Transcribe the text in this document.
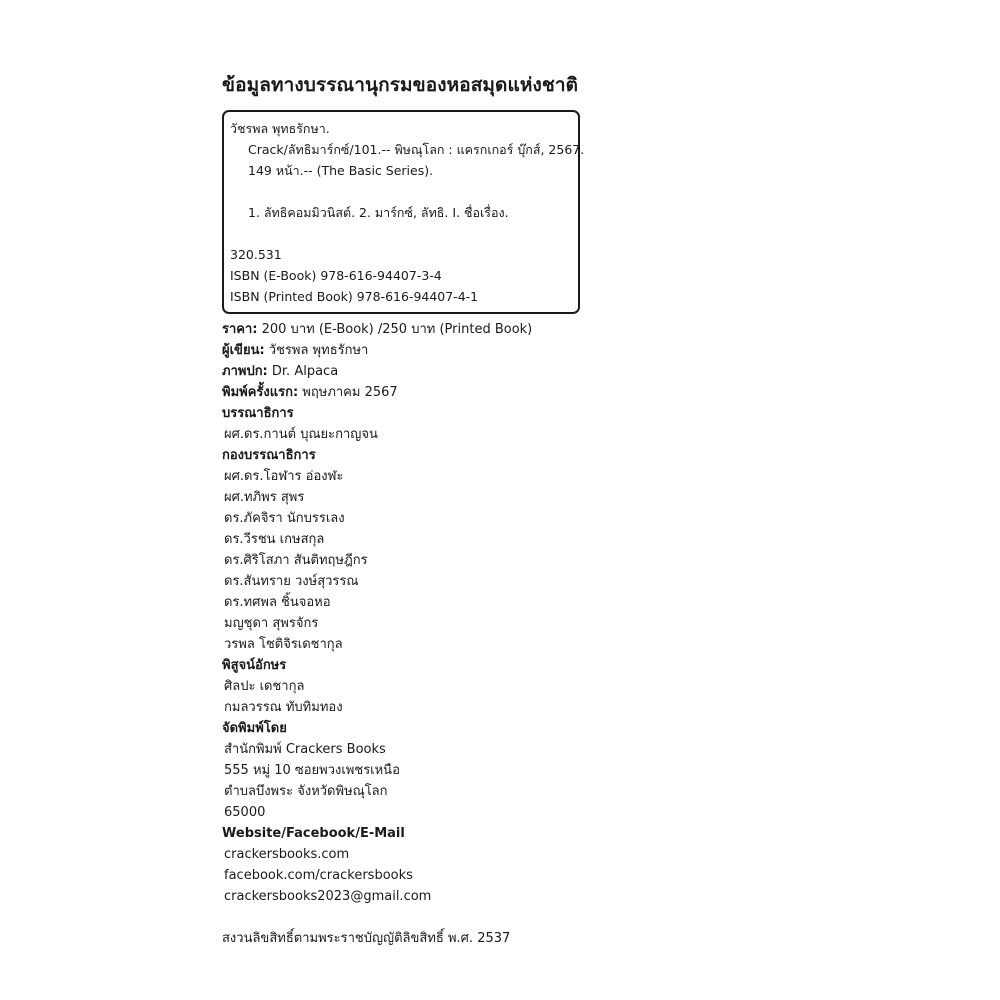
ข้อมูลทางบรรณานุกรมของหอสมุดแห่งชาติ
วัชรพล พุทธรักษา.
Crack/ลัทธิมาร์กซ์/101.-- พิษณุโลก : แครกเกอร์ บุ๊กส์, 2567.
149 หน้า.-- (The Basic Series).
1. ลัทธิคอมมิวนิสต์. 2. มาร์กซ์, ลัทธิ. I. ชื่อเรื่อง.
320.531
ISBN (E-Book) 978-616-94407-3-4
ISBN (Printed Book) 978-616-94407-4-1
ราคา: 200 บาท (E-Book) /250 บาท (Printed Book)
ผู้เขียน: วัชรพล พุทธรักษา
ภาพปก: Dr. Alpaca
พิมพ์ครั้งแรก: พฤษภาคม 2567
บรรณาธิการ
ผศ.ดร.กานต์ บุณยะกาญจน
กองบรรณาธิการ
ผศ.ดร.โอฬาร อ่องฬะ
ผศ.ทภิพร สุพร
ดร.ภัคจิรา นักบรรเลง
ดร.วีรชน เกษสกุล
ดร.ศิริโสภา สันติทฤษฎีกร
ดร.สันทราย วงษ์สุวรรณ
ดร.ทศพล ชิ้นจอหอ
มญชุดา สุพรจักร
วรพล โชติจิรเดชากุล
พิสูจน์อักษร
ศิลปะ เดชากุล
กมลวรรณ ทับทิมทอง
จัดพิมพ์โดย
สำนักพิมพ์ Crackers Books
555 หมู่ 10 ซอยพวงเพชรเหนือ
ตำบลบึงพระ จังหวัดพิษณุโลก
65000
Website/Facebook/E-Mail
crackersbooks.com
facebook.com/crackersbooks
crackersbooks2023@gmail.com
สงวนลิขสิทธิ์ตามพระราชบัญญัติลิขสิทธิ์ พ.ศ. 2537
